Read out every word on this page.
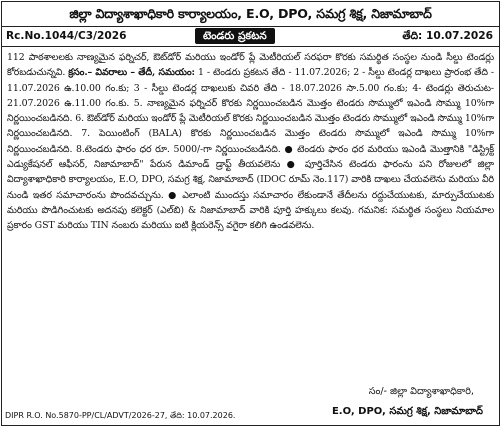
జిల్లా విద్యాశాఖాధికారి కార్యాలయం, E.O, DPO, సమగ్ర శిక్ష, నిజామాబాద్
Rc.No.1044/C3/2026	టెండరు ప్రకటన	తేది: 10.07.2026
112 పాఠశాలలకు నాణ్యమైన ఫర్నిచర్, ఔట్‌డోర్ మరియు ఇండోర్ ప్లే మెటీరియల్ సరఫరా కొరకు సమర్థిత సంస్థల నుండి సీల్డు టెండర్లు కోరబడుచున్నవి. క్రసం.– వివరాలు – తేదీ, సమయం: 1 - టెండరు ప్రకటన తేది - 11.07.2026; 2 - సీల్డు టెండర్ల దాఖలు ప్రారంభ తేది - 11.07.2026 ఉ.10.00 గం.కు; 3 - సీల్డు టెండర్ల దాఖలుకు చివరి తేది - 18.07.2026 సా.5.00 గం.కు; 4- టెండర్లు తెరుచుట- 21.07.2026 ఉ.11.00 గం.కు. 5. నాణ్యమైన ఫర్నిచర్ కొరకు నిర్ణయించబడిన మొత్తం టెండరు సొమ్ములో ఇఎండి సొమ్ము 10%గా నిర్ణయించబడినది. 6. ఔట్‌డోర్ మరియు ఇండోర్ ప్లే మెటీరియల్ కొరకు నిర్ణయించబడిన మొత్తం టెండరు సొమ్ములో ఇఎండి సొమ్ము 10%గా నిర్ణయించబడినది. 7. పెయింటింగ్ (BALA) కొరకు నిర్ణయించబడిన మొత్తం టెండరు సొమ్ములో ఇఎండి సొమ్ము 10%గా నిర్ణయించబడినది. 8.టెండరు ఫారం ధర రూ. 5000/-గా నిర్ణయించబడినది. ● టెండరు ఫారం ధర మరియు ఇఎండి మొత్తానికి "డిస్ట్రిక్ట్ ఎడ్యుకేషనల్ ఆఫీసర్, నిజామాబాద్" పేరున డిమాండ్ డ్రాఫ్ట్ తీయవలెను ● పూర్తిచేసిన టెండరు ఫారంను పని రోజులలో జిల్లా విద్యాశాఖాధికారి కార్యాలయం, E.O, DPO, సమగ్ర శిక్ష, నిజామాబాద్ (IDOC రూమ్ నెం.117) వారికి దాఖలు చేయవలెను మరియు వీరి నుండి ఇతర సమాచారంను పొందవచ్చును. ● ఎలాంటి ముందస్తు సమాచారం లేకుండానే తేదీలను రద్దుచేయుటకు, మార్పుచేయుటకు మరియు పొడిగించుటకు అదనపు కలెక్టర్ (ఎల్‌బి) & నిజామాబాద్ వారికి పూర్తి హక్కులు కలవు. గమనిక: సమర్థిత సంస్థలు నియమాల ప్రకారం GST మరియు TIN నంబరు మరియు ఐటి క్లియరెన్స్ వగైరా కలిగి ఉండవలెను.
సం/- జిల్లా విద్యాశాఖాధికారి,
E.O, DPO, సమగ్ర శిక్ష, నిజామాబాద్
DIPR R.O. No.5870-PP/CL/ADVT/2026-27, తేది: 10.07.2026.
